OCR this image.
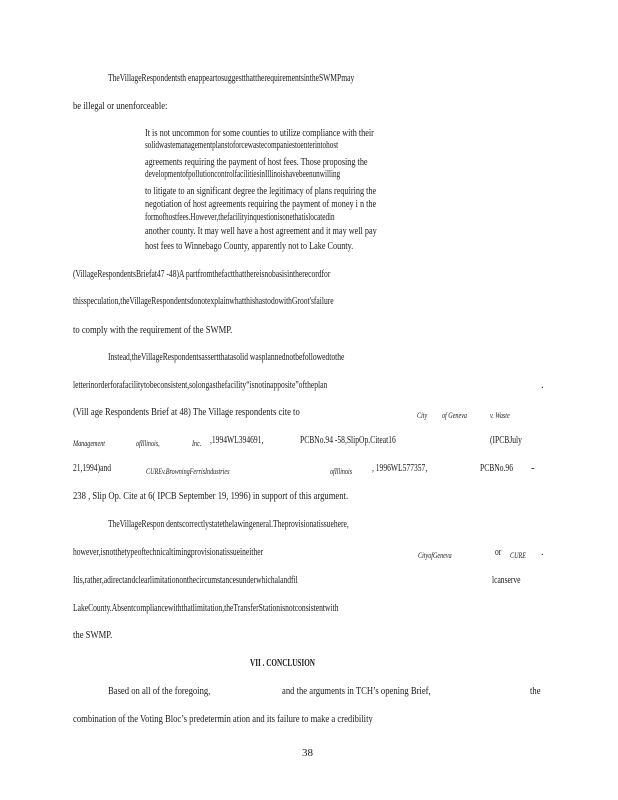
TheVillageRespondentsth enappeartosuggestthattherequirementsintheSWMPmay
be illegal or unenforceable:
It is not uncommon for some counties to utilize compliance with their
solidwastemanagementplanstoforcewastecompaniestoenterintohost
agreements requiring the payment of host fees. Those proposing the
developmentofpollutioncontrolfacilitiesinIllinoishavebeenunwilling
to litigate to an significant degree the legitimacy of plans requiring the
negotiation of host agreements requiring the payment of money i n the
formofhostfees.However,thefacilityinquestionisonethatislocatedin
another county. It may well have a host agreement and it may well pay
host fees to Winnebago County, apparently not to Lake County.
(VillageRespondentsBriefat47 -48)A partfromthefactthatthereisnobasisintherecordfor
thisspeculation,theVillageRespondentsdonotexplainwhatthishastodowithGroot'sfailure
to comply with the requirement of the SWMP.
Instead,theVillageRespondentsassertthatasolid wasplannednotbefollowedtothe
letterinorderforafacilitytobeconsistent,solongasthefacility“isnotinapposite”oftheplan	.
(Vill age Respondents Brief at 48) The Village respondents cite to	City of Geneva	v. Waste
Management	ofIllinois,	Inc. ,1994WL394691,	PCBNo.94 -58,SlipOp.Citeat16	(IPCBJuly
21,1994)and	CUREv.BrowningFerrisIndustries	ofIllinois , 1996WL577357,	PCBNo.96 -
238 , Slip Op. Cite at 6( IPCB September 19, 1996) in support of this argument.
TheVillageRespon dentscorrectlystatethelawingeneral.Theprovisionatissuehere,
however,isnotthetypeoftechnicaltimingprovisionatissueineither	CityofGeneva	or CURE .
Itis,rather,adirectandclearlimitationonthecircumstancesunderwhichalandfil	lcanserve
LakeCounty.Absentcompliancewiththatlimitation,theTransferStationisnotconsistentwith
the SWMP.
VII . CONCLUSION
Based on all of the foregoing,	and the arguments in TCH’s opening Brief,	the
combination of the Voting Bloc’s predetermin ation and its failure to make a credibility
38
